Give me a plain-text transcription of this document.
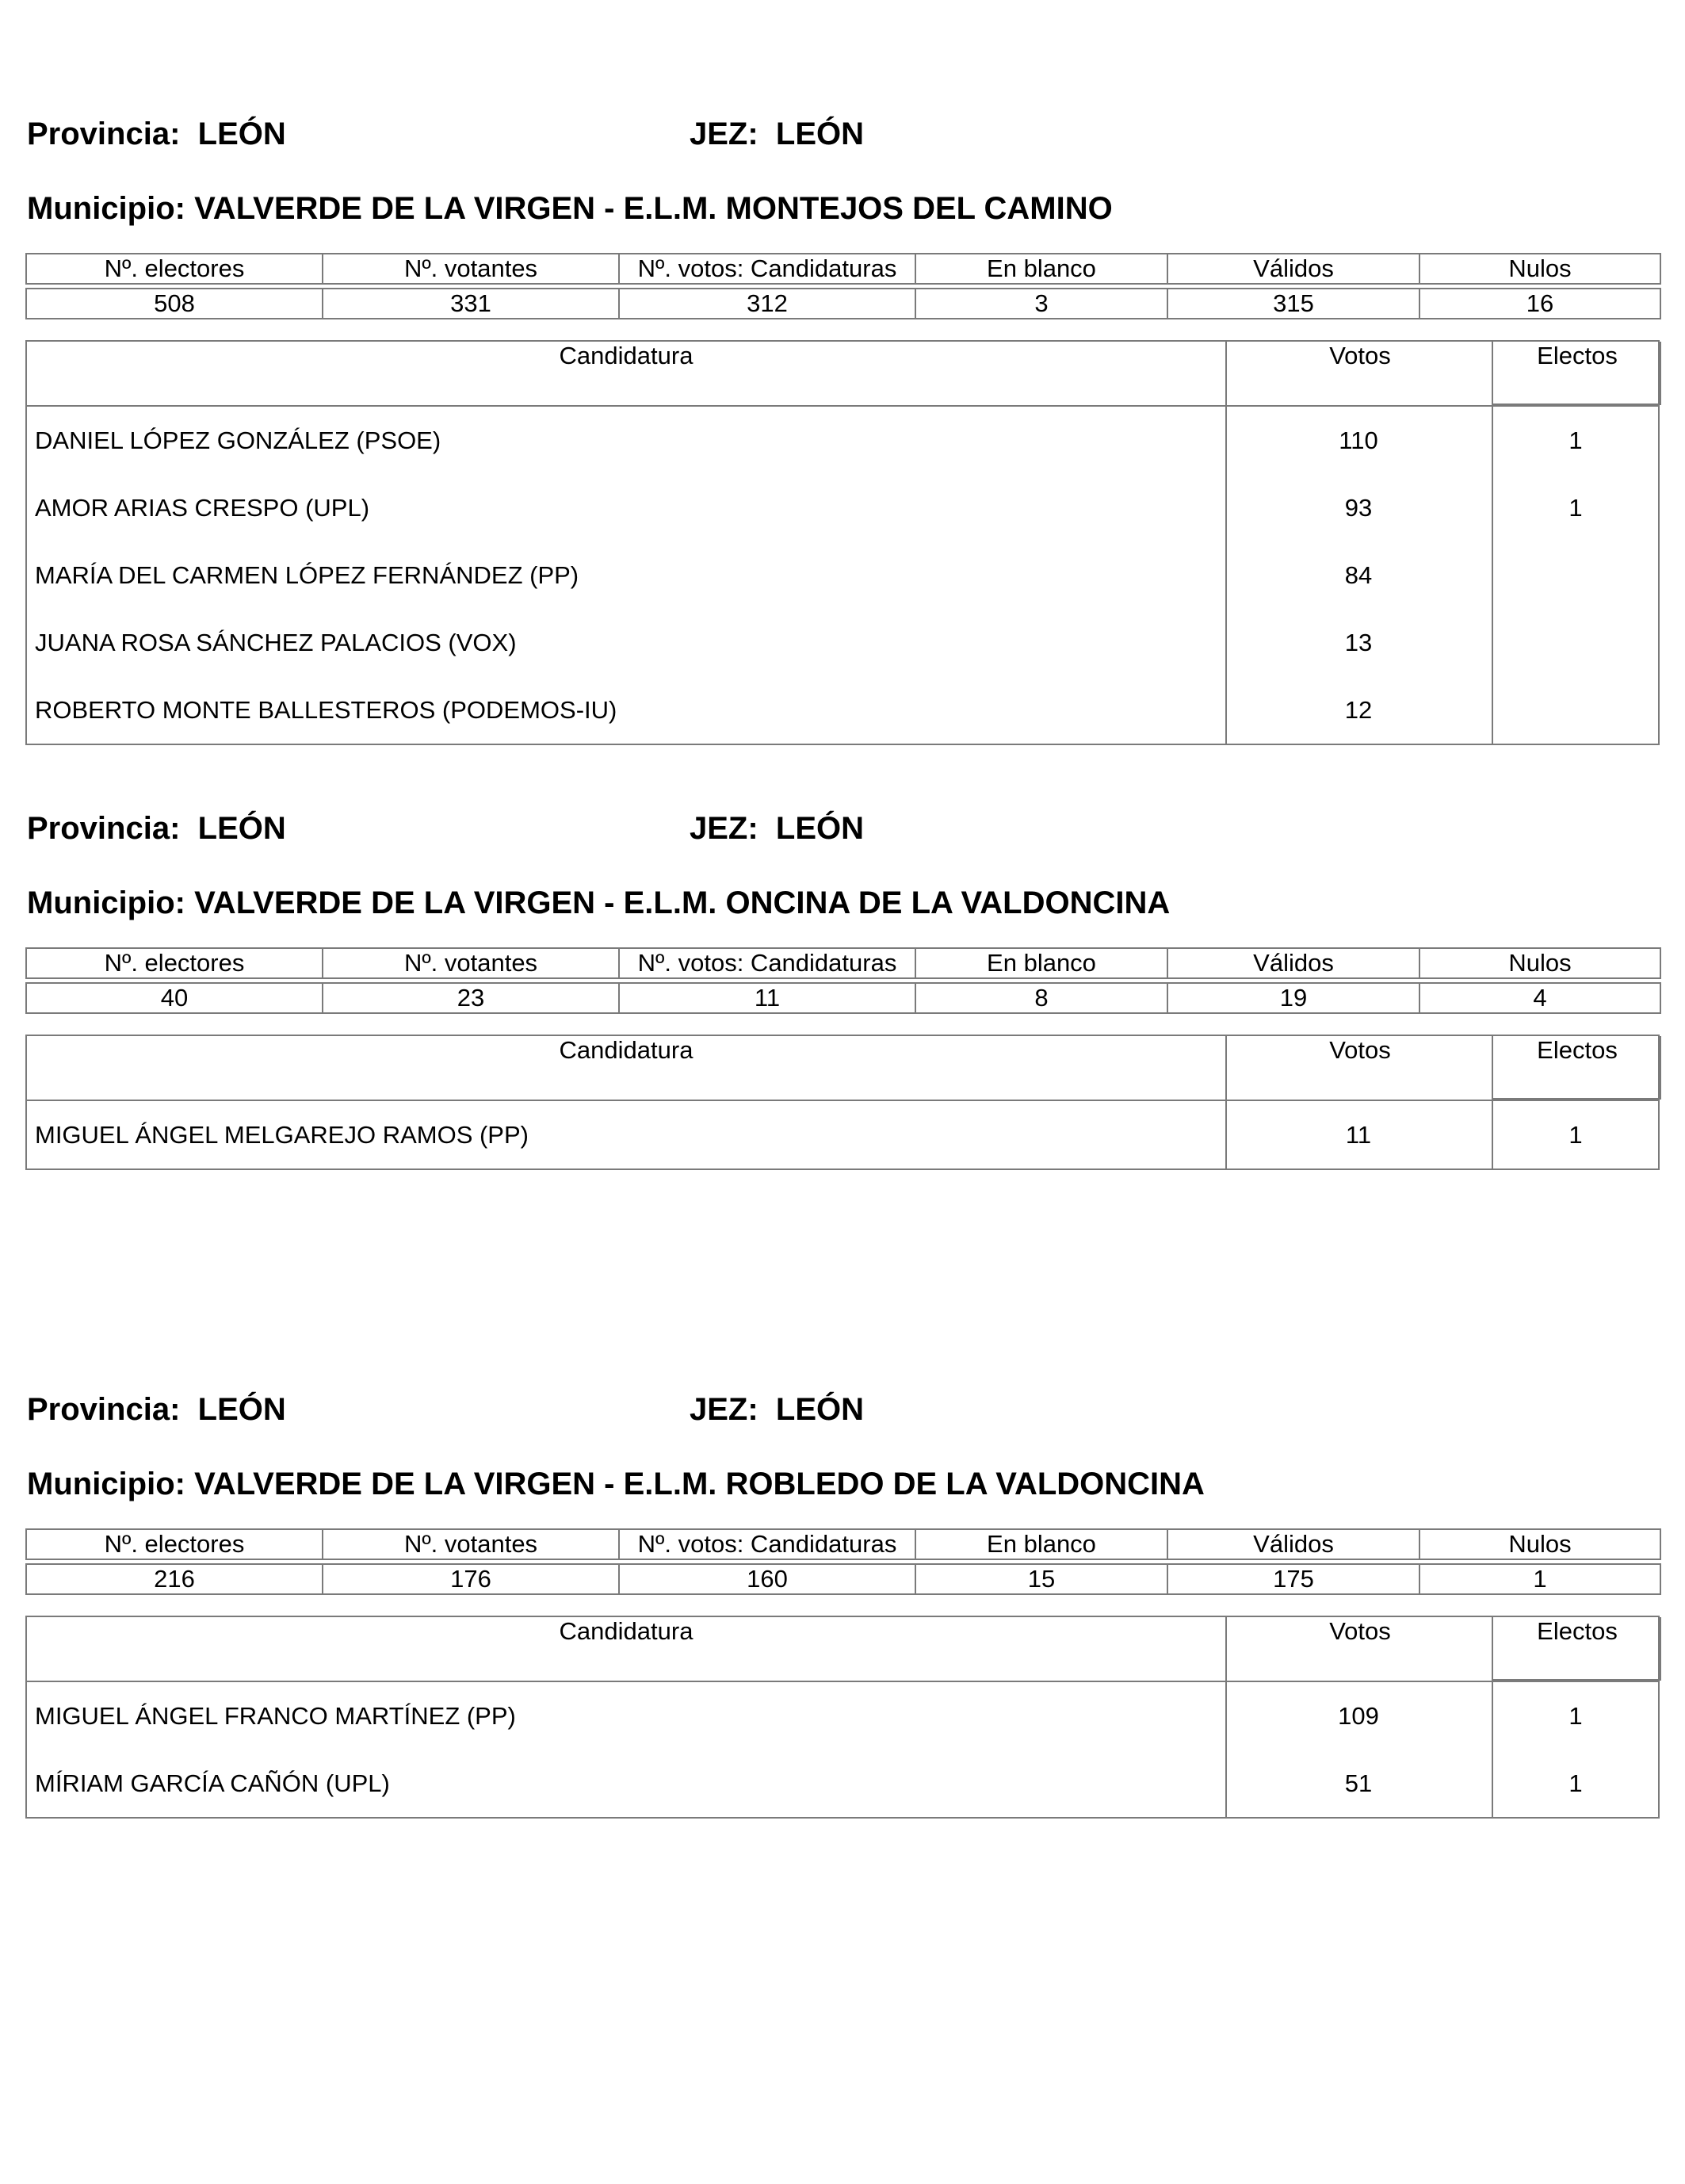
Provincia: LEÓN	JEZ: LEÓN
Municipio: VALVERDE DE LA VIRGEN - E.L.M. MONTEJOS DEL CAMINO
Nº. electores	Nº. votantes	Nº. votos: Candidaturas	En blanco	Válidos	Nulos

508	331	312	3	315	16
Candidatura	Votos	Electos
DANIEL LÓPEZ GONZÁLEZ (PSOE)	110	1
AMOR ARIAS CRESPO (UPL)	93	1
MARÍA DEL CARMEN LÓPEZ FERNÁNDEZ (PP)	84
JUANA ROSA SÁNCHEZ PALACIOS (VOX)	13
ROBERTO MONTE BALLESTEROS (PODEMOS-IU)	12
Provincia: LEÓN	JEZ: LEÓN
Municipio: VALVERDE DE LA VIRGEN - E.L.M. ONCINA DE LA VALDONCINA
Nº. electores	Nº. votantes	Nº. votos: Candidaturas	En blanco	Válidos	Nulos

40	23	11	8	19	4
Candidatura	Votos	Electos
MIGUEL ÁNGEL MELGAREJO RAMOS (PP)	11	1
Provincia: LEÓN	JEZ: LEÓN
Municipio: VALVERDE DE LA VIRGEN - E.L.M. ROBLEDO DE LA VALDONCINA
Nº. electores	Nº. votantes	Nº. votos: Candidaturas	En blanco	Válidos	Nulos

216	176	160	15	175	1
Candidatura	Votos	Electos
MIGUEL ÁNGEL FRANCO MARTÍNEZ (PP)	109	1
MÍRIAM GARCÍA CAÑÓN (UPL)	51	1
